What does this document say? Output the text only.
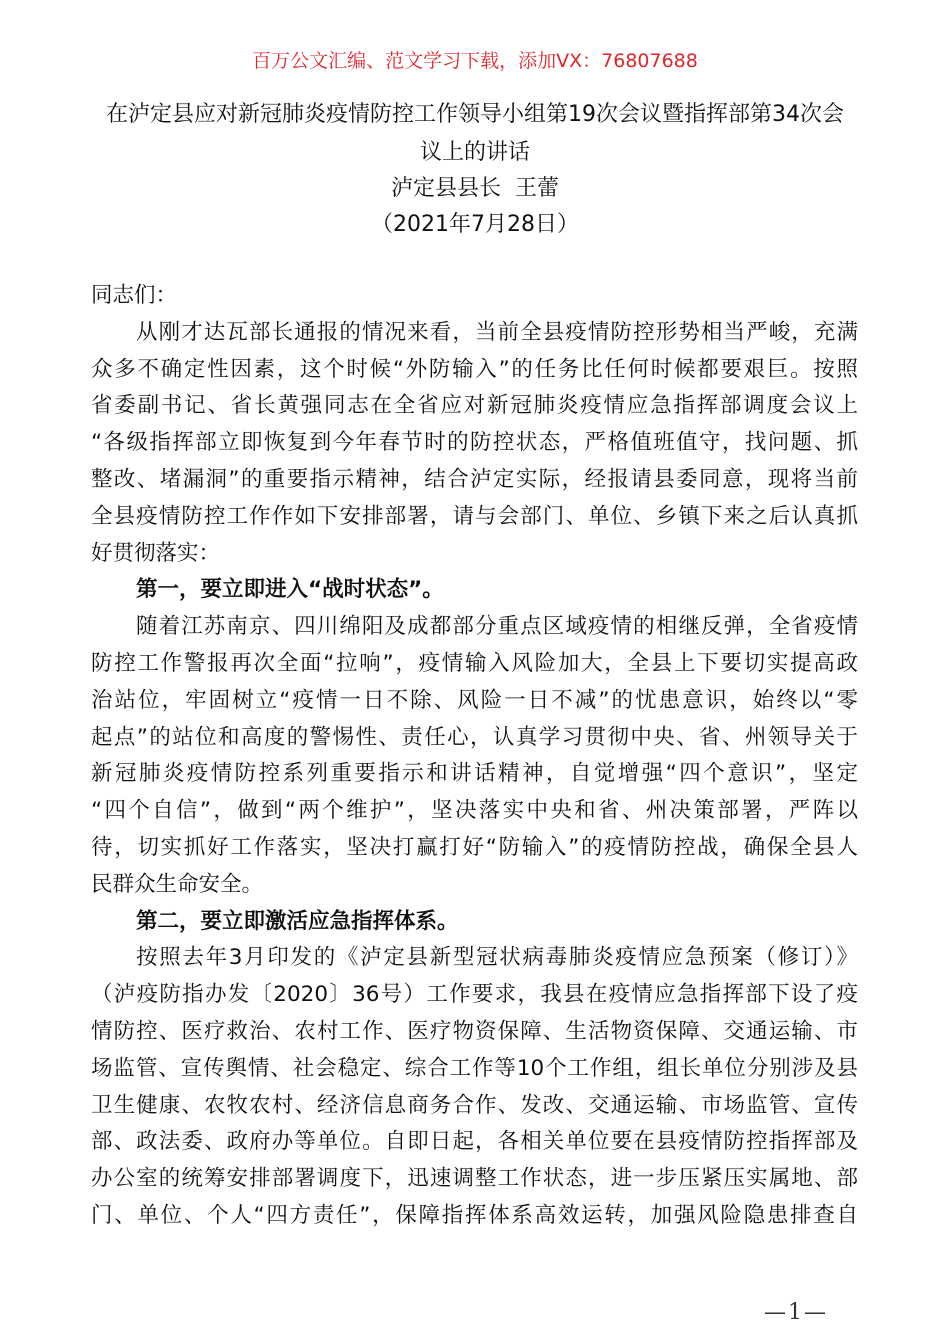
百万公文汇编、范文学习下载，添加VX：76807688
在泸定县应对新冠肺炎疫情防控工作领导小组第19次会议暨指挥部第34次会
议上的讲话
泸定县县长  王蕾
（2021年7月28日）
同志们：
从刚才达瓦部长通报的情况来看，当前全县疫情防控形势相当严峻，充满
众多不确定性因素，这个时候“外防输入”的任务比任何时候都要艰巨。按照
省委副书记、省长黄强同志在全省应对新冠肺炎疫情应急指挥部调度会议上
“各级指挥部立即恢复到今年春节时的防控状态，严格值班值守，找问题、抓
整改、堵漏洞”的重要指示精神，结合泸定实际，经报请县委同意，现将当前
全县疫情防控工作作如下安排部署，请与会部门、单位、乡镇下来之后认真抓
好贯彻落实：
第一，要立即进入“战时状态”。
随着江苏南京、四川绵阳及成都部分重点区域疫情的相继反弹，全省疫情
防控工作警报再次全面“拉响”，疫情输入风险加大，全县上下要切实提高政
治站位，牢固树立“疫情一日不除、风险一日不减”的忧患意识，始终以“零
起点”的站位和高度的警惕性、责任心，认真学习贯彻中央、省、州领导关于
新冠肺炎疫情防控系列重要指示和讲话精神，自觉增强“四个意识”，坚定
“四个自信”，做到“两个维护”，坚决落实中央和省、州决策部署，严阵以
待，切实抓好工作落实，坚决打赢打好“防输入”的疫情防控战，确保全县人
民群众生命安全。
第二，要立即激活应急指挥体系。
按照去年3月印发的《泸定县新型冠状病毒肺炎疫情应急预案（修订）》
（泸疫防指办发〔2020〕36号）工作要求，我县在疫情应急指挥部下设了疫
情防控、医疗救治、农村工作、医疗物资保障、生活物资保障、交通运输、市
场监管、宣传舆情、社会稳定、综合工作等10个工作组，组长单位分别涉及县
卫生健康、农牧农村、经济信息商务合作、发改、交通运输、市场监管、宣传
部、政法委、政府办等单位。自即日起，各相关单位要在县疫情防控指挥部及
办公室的统筹安排部署调度下，迅速调整工作状态，进一步压紧压实属地、部
门、单位、个人“四方责任”，保障指挥体系高效运转，加强风险隐患排查自
—1—
